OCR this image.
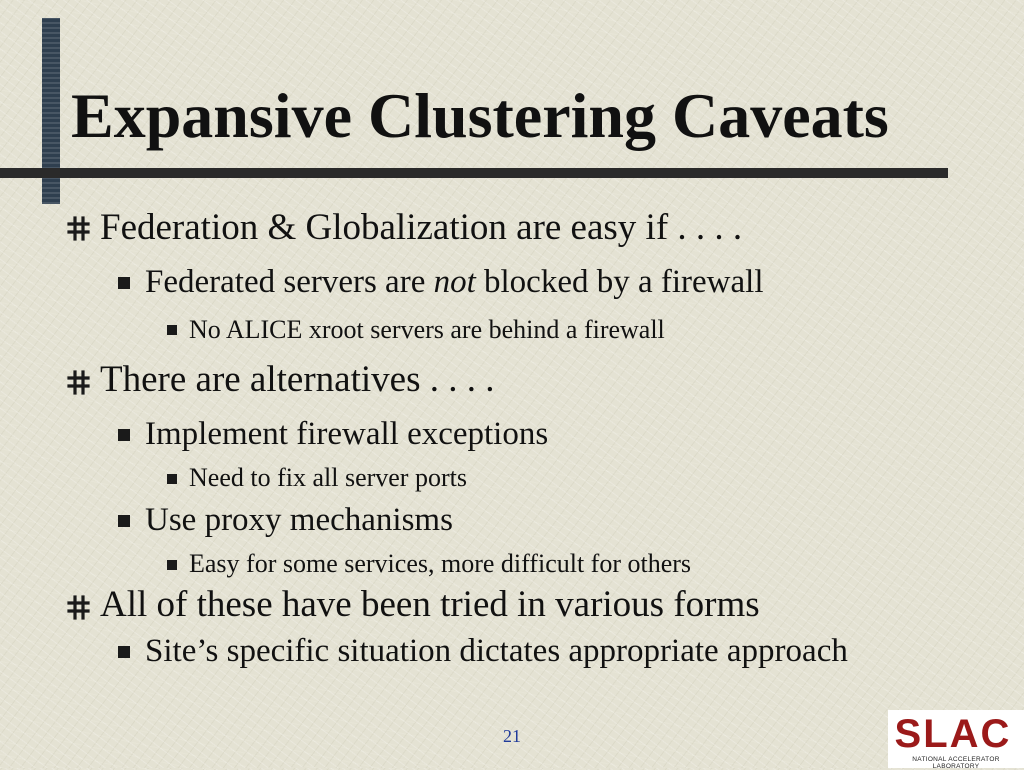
Expansive Clustering Caveats
Federation & Globalization are easy if . . . .
Federated servers are not blocked by a firewall
No ALICE xroot servers are behind a firewall
There are alternatives . . . .
Implement firewall exceptions
Need to fix all server ports
Use proxy mechanisms
Easy for some services, more difficult for others
All of these have been tried in various forms
Site’s specific situation dictates appropriate approach
21	SLAC
NATIONAL ACCELERATOR LABORATORY
